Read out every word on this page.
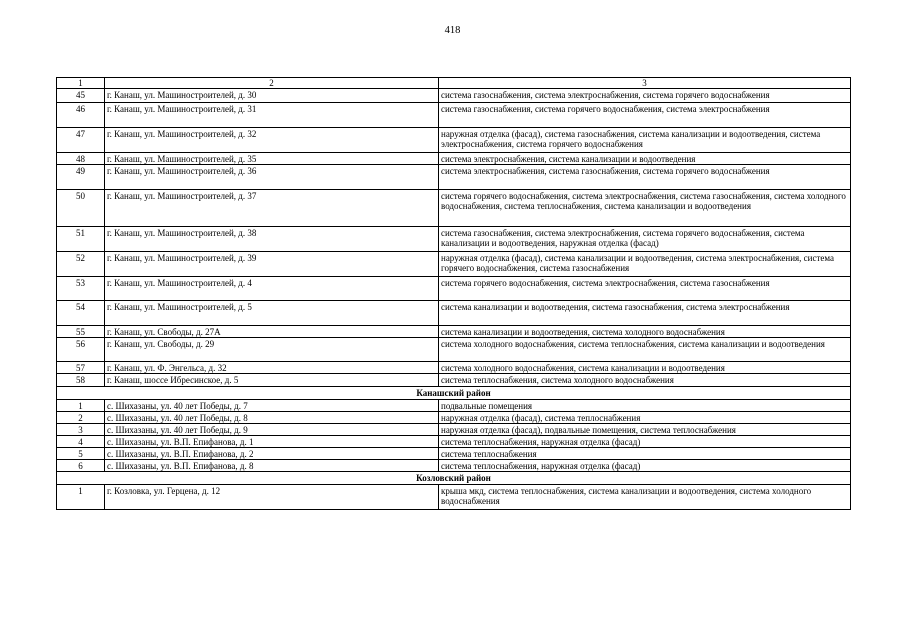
418
1	2	3
45	г. Канаш, ул. Машиностроителей, д. 30	система газоснабжения, система электроснабжения, система горячего водоснабжения
46	г. Канаш, ул. Машиностроителей, д. 31	система газоснабжения, система горячего водоснабжения, система электроснабжения
47	г. Канаш, ул. Машиностроителей, д. 32	наружная отделка (фасад), система газоснабжения, система канализации и водоотведения, система электроснабжения, система горячего водоснабжения
48	г. Канаш, ул. Машиностроителей, д. 35	система электроснабжения, система канализации и водоотведения
49	г. Канаш, ул. Машиностроителей, д. 36	система электроснабжения, система газоснабжения, система горячего водоснабжения
50	г. Канаш, ул. Машиностроителей, д. 37	система горячего водоснабжения, система электроснабжения, система газоснабжения, система холодного водоснабжения, система теплоснабжения, система канализации и водоотведения
51	г. Канаш, ул. Машиностроителей, д. 38	система газоснабжения, система электроснабжения, система горячего водоснабжения, система канализации и водоотведения, наружная отделка (фасад)
52	г. Канаш, ул. Машиностроителей, д. 39	наружная отделка (фасад), система канализации и водоотведения, система электроснабжения, система горячего водоснабжения, система газоснабжения
53	г. Канаш, ул. Машиностроителей, д. 4	система горячего водоснабжения, система электроснабжения, система газоснабжения
54	г. Канаш, ул. Машиностроителей, д. 5	система канализации и водоотведения, система газоснабжения, система электроснабжения
55	г. Канаш, ул. Свободы, д. 27А	система канализации и водоотведения, система холодного водоснабжения
56	г. Канаш, ул. Свободы, д. 29	система холодного водоснабжения, система теплоснабжения, система канализации и водоотведения
57	г. Канаш, ул. Ф. Энгельса, д. 32	система холодного водоснабжения, система канализации и водоотведения
58	г. Канаш, шоссе Ибресинское, д. 5	система теплоснабжения, система холодного водоснабжения
Канашский район		
1	с. Шихазаны, ул. 40 лет Победы, д. 7	подвальные помещения
2	с. Шихазаны, ул. 40 лет Победы, д. 8	наружная отделка (фасад), система теплоснабжения
3	с. Шихазаны, ул. 40 лет Победы, д. 9	наружная отделка (фасад), подвальные помещения, система теплоснабжения
4	с. Шихазаны, ул. В.П. Епифанова, д. 1	система теплоснабжения, наружная отделка (фасад)
5	с. Шихазаны, ул. В.П. Епифанова, д. 2	система теплоснабжения
6	с. Шихазаны, ул. В.П. Епифанова, д. 8	система теплоснабжения, наружная отделка (фасад)
Козловский район		
1	г. Козловка, ул. Герцена, д. 12	крыша мкд, система теплоснабжения, система канализации и водоотведения, система холодного водоснабжения
